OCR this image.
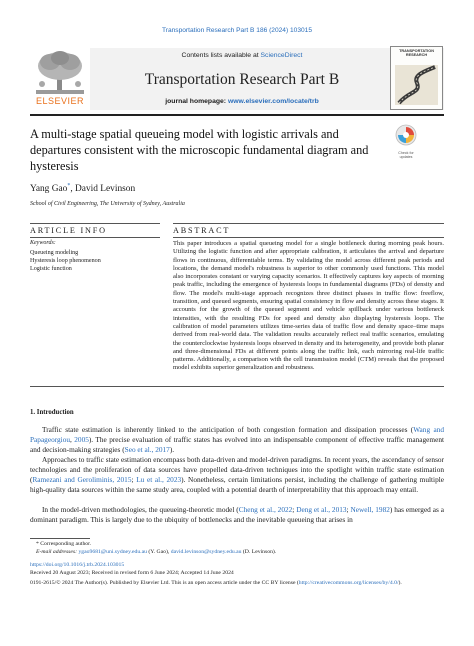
Transportation Research Part B 186 (2024) 103015
ELSEVIER
Contents lists available at ScienceDirect
Transportation Research Part B
journal homepage: www.elsevier.com/locate/trb
TRANSPORTATION RESEARCH
A multi-stage spatial queueing model with logistic arrivals and departures consistent with the microscopic fundamental diagram and hysteresis
Check for updates
Yang Gao*, David Levinson
School of Civil Engineering, The University of Sydney, Australia
ARTICLE INFO	ABSTRACT
Keywords:
Queueing modeling
Hysteresis loop phenomenon
Logistic function
This paper introduces a spatial queueing model for a single bottleneck during morning peak hours. Utilizing the logistic function and after appropriate calibration, it articulates the arrival and departure flows in continuous, differentiable terms. By validating the model across different peak periods and locations, the demand model's robustness is superior to other commonly used functions. This model also incorporates constant or varying capacity scenarios. It effectively captures key aspects of morning peak traffic, including the emergence of hysteresis loops in fundamental diagrams (FDs) of density and flow. The model's multi-stage approach recognizes three distinct phases in traffic flow: freeflow, transition, and queued segments, ensuring spatial consistency in flow and density across these stages. It accounts for the growth of the queued segment and vehicle spillback under various bottleneck intensities, with the resulting FDs for speed and density also displaying hysteresis loops. The calibration of model parameters utilizes time-series data of traffic flow and density space–time maps derived from real-world data. The validation results accurately reflect real traffic scenarios, emulating the counterclockwise hysteresis loops observed in density and its heterogeneity, and provide both planar and three-dimensional FDs at different points along the traffic link, each mirroring real-life traffic patterns. Additionally, a comparison with the cell transmission model (CTM) reveals that the proposed model exhibits superior generalization and robustness.
1. Introduction
Traffic state estimation is inherently linked to the anticipation of both congestion formation and dissipation processes (Wang and Papageorgiou, 2005). The precise evaluation of traffic states has evolved into an indispensable component of effective traffic management and decision-making strategies (Seo et al., 2017).
Approaches to traffic state estimation encompass both data-driven and model-driven paradigms. In recent years, the ascendancy of sensor technologies and the proliferation of data sources have propelled data-driven techniques into the spotlight within traffic state estimation (Ramezani and Geroliminis, 2015; Lu et al., 2023). Nonetheless, certain limitations persist, including the challenge of gathering multiple high-quality data sources within the same study area, coupled with a potential dearth of interpretability that this approach may entail.
In the model-driven methodologies, the queueing-theoretic model (Cheng et al., 2022; Deng et al., 2013; Newell, 1982) has emerged as a dominant paradigm. This is largely due to the ubiquity of bottlenecks and the inevitable queueing that arises in
* Corresponding author.
E-mail addresses: ygao9681@uni.sydney.edu.au (Y. Gao), david.levinson@sydney.edu.au (D. Levinson).
https://doi.org/10.1016/j.trb.2024.103015
Received 20 August 2023; Received in revised form 6 June 2024; Accepted 14 June 2024
0191-2615/© 2024 The Author(s). Published by Elsevier Ltd. This is an open access article under the CC BY license (http://creativecommons.org/licenses/by/4.0/).
